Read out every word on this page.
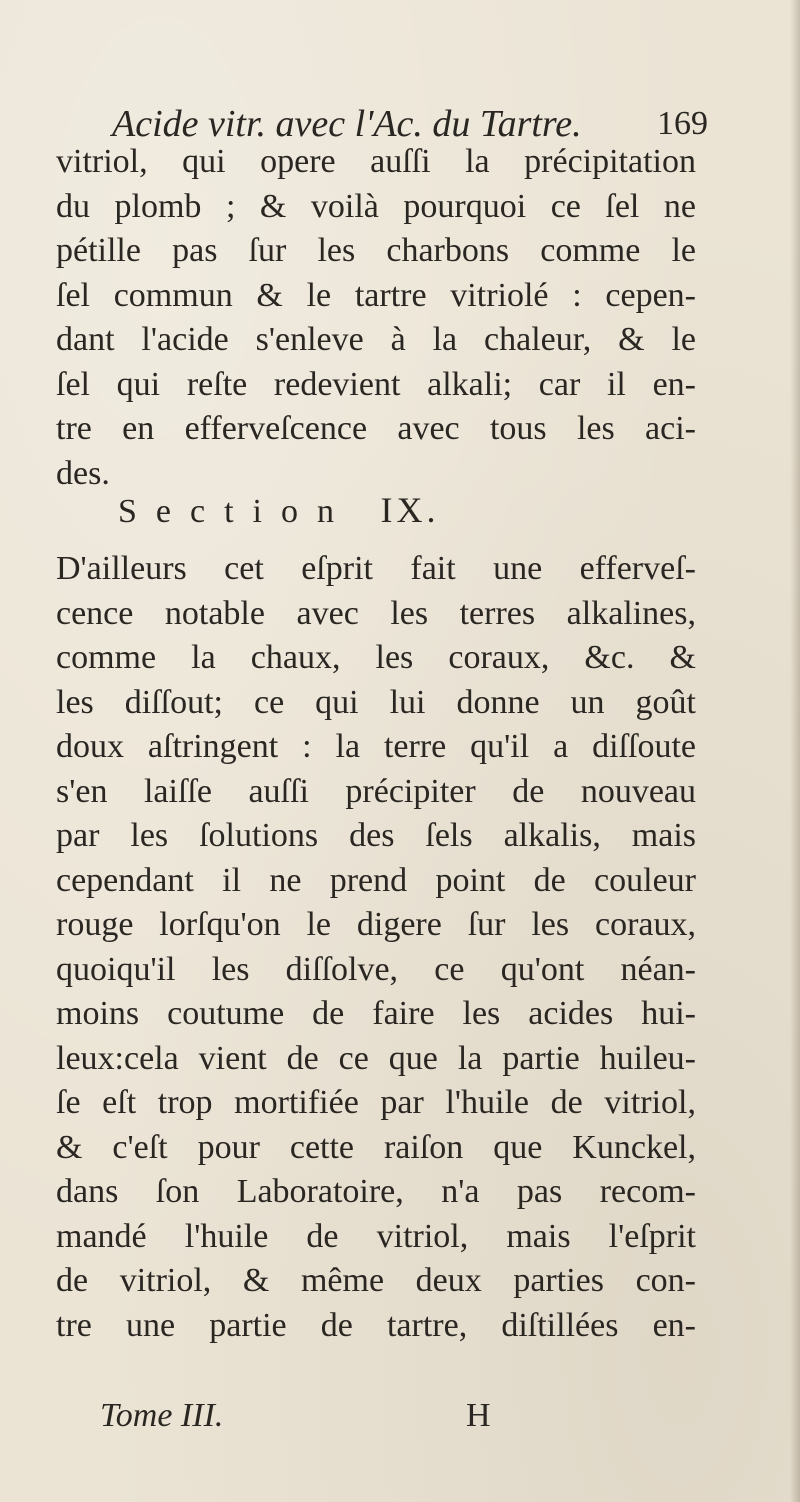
Acide vitr. avec l'Ac. du Tartre. 169
vitriol, qui opere auſſi la précipitation
du plomb ; & voilà pourquoi ce ſel ne
pétille pas ſur les charbons comme le
ſel commun & le tartre vitriolé : cepen-
dant l'acide s'enleve à la chaleur, & le
ſel qui reſte redevient alkali; car il en-
tre en efferveſcence avec tous les aci-
des.
Section IX.
D'ailleurs cet eſprit fait une efferveſ-
cence notable avec les terres alkalines,
comme la chaux, les coraux, &c. &
les diſſout; ce qui lui donne un goût
doux aſtringent : la terre qu'il a diſſoute
s'en laiſſe auſſi précipiter de nouveau
par les ſolutions des ſels alkalis, mais
cependant il ne prend point de couleur
rouge lorſqu'on le digere ſur les coraux,
quoiqu'il les diſſolve, ce qu'ont néan-
moins coutume de faire les acides hui-
leux:cela vient de ce que la partie huileu-
ſe eſt trop mortifiée par l'huile de vitriol,
& c'eſt pour cette raiſon que Kunckel,
dans ſon Laboratoire, n'a pas recom-
mandé l'huile de vitriol, mais l'eſprit
de vitriol, & même deux parties con-
tre une partie de tartre, diſtillées en-
Tome III.	H
